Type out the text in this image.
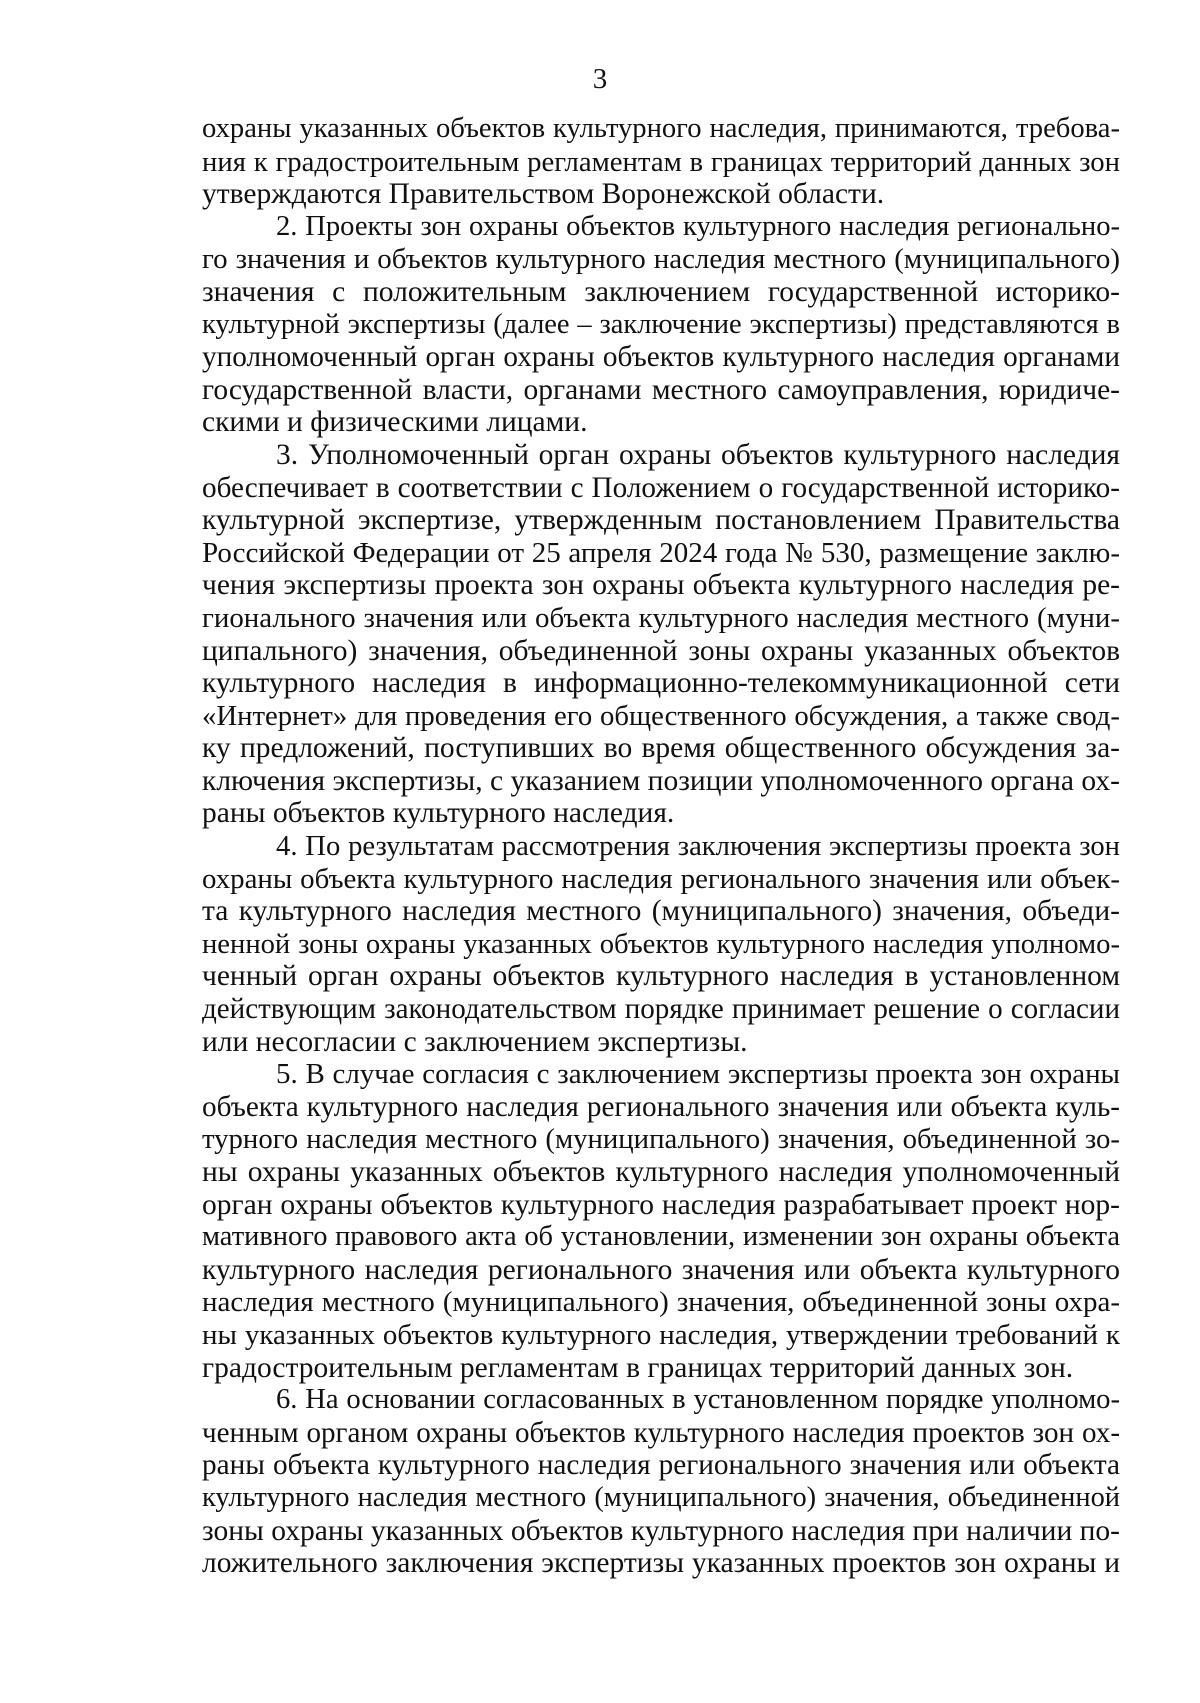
3
охраны указанных объектов культурного наследия, принимаются, требова-
ния к градостроительным регламентам в границах территорий данных зон
утверждаются Правительством Воронежской области.
2. Проекты зон охраны объектов культурного наследия регионально-
го значения и объектов культурного наследия местного (муниципального)
значения с положительным заключением государственной историко-
культурной экспертизы (далее – заключение экспертизы) представляются в
уполномоченный орган охраны объектов культурного наследия органами
государственной власти, органами местного самоуправления, юридиче-
скими и физическими лицами.
3. Уполномоченный орган охраны объектов культурного наследия
обеспечивает в соответствии с Положением о государственной историко-
культурной экспертизе, утвержденным постановлением Правительства
Российской Федерации от 25 апреля 2024 года № 530, размещение заклю-
чения экспертизы проекта зон охраны объекта культурного наследия ре-
гионального значения или объекта культурного наследия местного (муни-
ципального) значения, объединенной зоны охраны указанных объектов
культурного наследия в информационно-телекоммуникационной сети
«Интернет» для проведения его общественного обсуждения, а также свод-
ку предложений, поступивших во время общественного обсуждения за-
ключения экспертизы, с указанием позиции уполномоченного органа ох-
раны объектов культурного наследия.
4. По результатам рассмотрения заключения экспертизы проекта зон
охраны объекта культурного наследия регионального значения или объек-
та культурного наследия местного (муниципального) значения, объеди-
ненной зоны охраны указанных объектов культурного наследия уполномо-
ченный орган охраны объектов культурного наследия в установленном
действующим законодательством порядке принимает решение о согласии
или несогласии с заключением экспертизы.
5. В случае согласия с заключением экспертизы проекта зон охраны
объекта культурного наследия регионального значения или объекта куль-
турного наследия местного (муниципального) значения, объединенной зо-
ны охраны указанных объектов культурного наследия уполномоченный
орган охраны объектов культурного наследия разрабатывает проект нор-
мативного правового акта об установлении, изменении зон охраны объекта
культурного наследия регионального значения или объекта культурного
наследия местного (муниципального) значения, объединенной зоны охра-
ны указанных объектов культурного наследия, утверждении требований к
градостроительным регламентам в границах территорий данных зон.
6. На основании согласованных в установленном порядке уполномо-
ченным органом охраны объектов культурного наследия проектов зон ох-
раны объекта культурного наследия регионального значения или объекта
культурного наследия местного (муниципального) значения, объединенной
зоны охраны указанных объектов культурного наследия при наличии по-
ложительного заключения экспертизы указанных проектов зон охраны и
